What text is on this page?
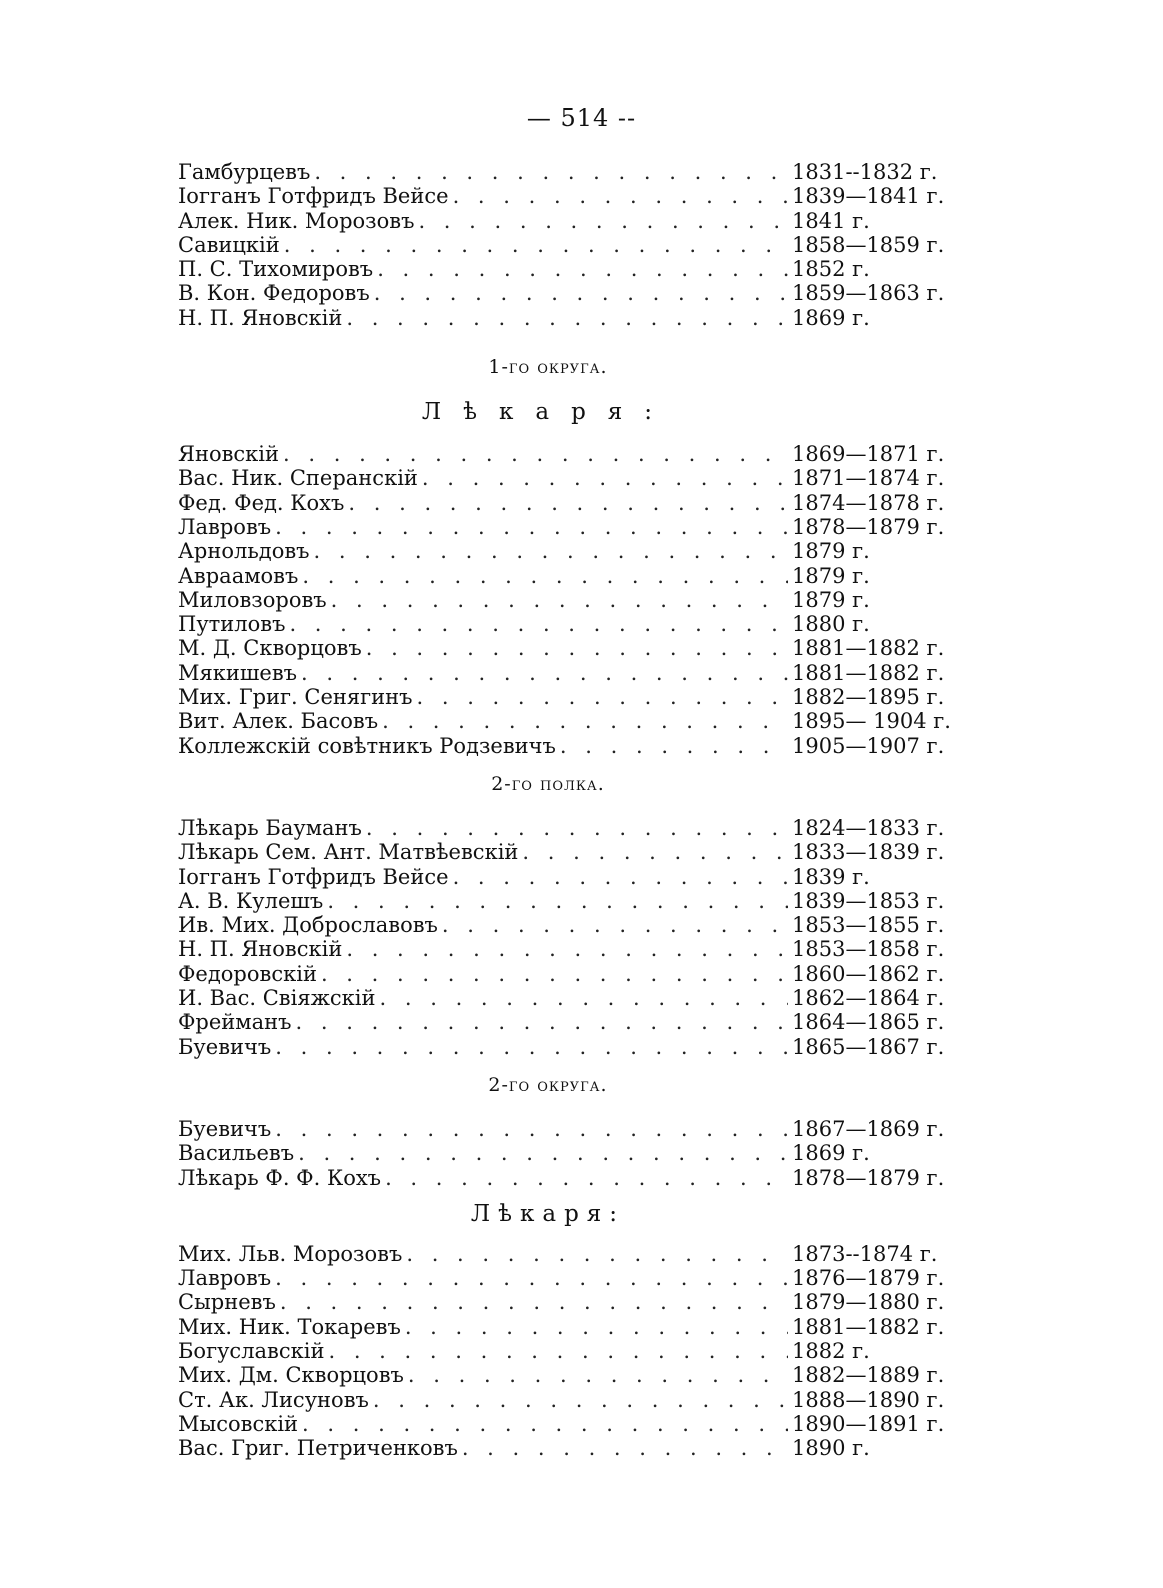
— 514 --
Гамбурцевъ . . .	1831--1832 г.
Іогганъ Готфридъ Вейсе . . .	1839—1841 г.
Алек. Ник. Морозовъ . . .	1841 г.
Савицкій . . .	1858—1859 г.
П. С. Тихомировъ . . .	1852 г.
В. Кон. Федоровъ . . .	1859—1863 г.
Н. П. Яновскій . . .	1869 г.
1-го округа.
Лѣкаря:
Яновскій . . .	1869—1871 г.
Вас. Ник. Сперанскій . . .	1871—1874 г.
Фед. Фед. Кохъ . . .	1874—1878 г.
Лавровъ . . .	1878—1879 г.
Арнольдовъ . . .	1879 г.
Авраамовъ . . .	1879 г.
Миловзоровъ . . .	1879 г.
Путиловъ . . .	1880 г.
М. Д. Скворцовъ . . .	1881—1882 г.
Мякишевъ . . .	1881—1882 г.
Мих. Григ. Сенягинъ . . .	1882—1895 г.
Вит. Алек. Басовъ . . .	1895— 1904 г.
Коллежскій совѣтникъ Родзевичъ . . .	1905—1907 г.
2-го полка.
Лѣкарь Бауманъ . . .	1824—1833 г.
Лѣкарь Сем. Ант. Матвѣевскій . . .	1833—1839 г.
Іогганъ Готфридъ Вейсе . . .	1839 г.
А. В. Кулешъ . . .	1839—1853 г.
Ив. Мих. Доброславовъ . . .	1853—1855 г.
Н. П. Яновскій . . .	1853—1858 г.
Федоровскій . . .	1860—1862 г.
И. Вас. Свіяжскій . . .	1862—1864 г.
Фрейманъ . . .	1864—1865 г.
Буевичъ . . .	1865—1867 г.
2-го округа.
Буевичъ . . .	1867—1869 г.
Васильевъ . . .	1869 г.
Лѣкарь Ф. Ф. Кохъ . . .	1878—1879 г.
Лѣкаря:
Мих. Льв. Морозовъ . . .	1873--1874 г.
Лавровъ . . .	1876—1879 г.
Сырневъ . . .	1879—1880 г.
Мих. Ник. Токаревъ . . .	1881—1882 г.
Богуславскій . . .	1882 г.
Мих. Дм. Скворцовъ . . .	1882—1889 г.
Ст. Ак. Лисуновъ . . .	1888—1890 г.
Мысовскій . . .	1890—1891 г.
Вас. Григ. Петриченковъ . . .	1890 г.
